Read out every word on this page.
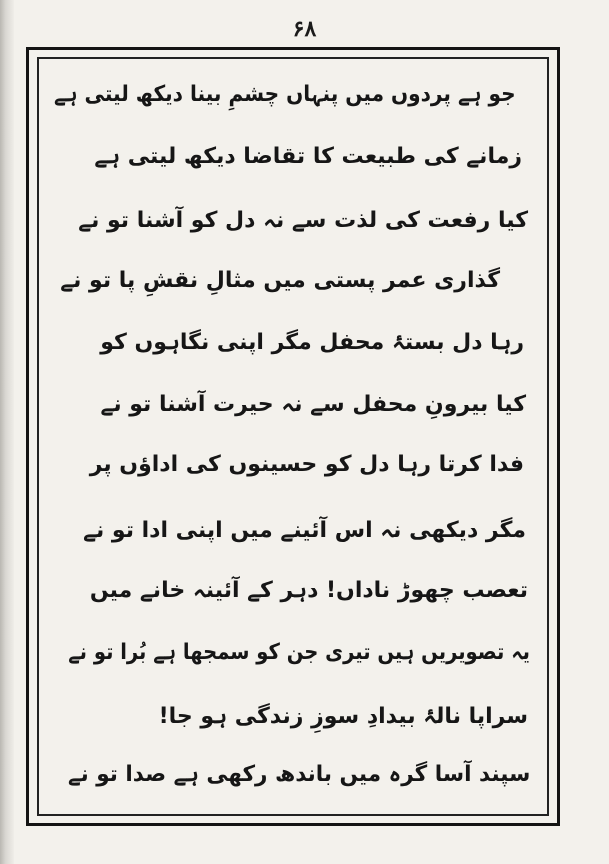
۶۸
جو ہے پردوں میں پنہاں چشمِ بینا دیکھ لیتی ہے
زمانے کی طبیعت کا تقاضا دیکھ لیتی ہے
کیا رفعت کی لذت سے نہ دل کو آشنا تو نے
گذاری عمر پستی میں مثالِ نقشِ پا تو نے
رہا دل بستۂ محفل مگر اپنی نگاہوں کو
کیا بیرونِ محفل سے نہ حیرت آشنا تو نے
فدا کرتا رہا دل کو حسینوں کی اداؤں پر
مگر دیکھی نہ اس آئینے میں اپنی ادا تو نے
تعصب چھوڑ ناداں! دہر کے آئینہ خانے میں
یہ تصویریں ہیں تیری جن کو سمجھا ہے بُرا تو نے
سراپا نالۂ بیدادِ سوزِ زندگی ہو جا!
سپند آسا گرہ میں باندھ رکھی ہے صدا تو نے
